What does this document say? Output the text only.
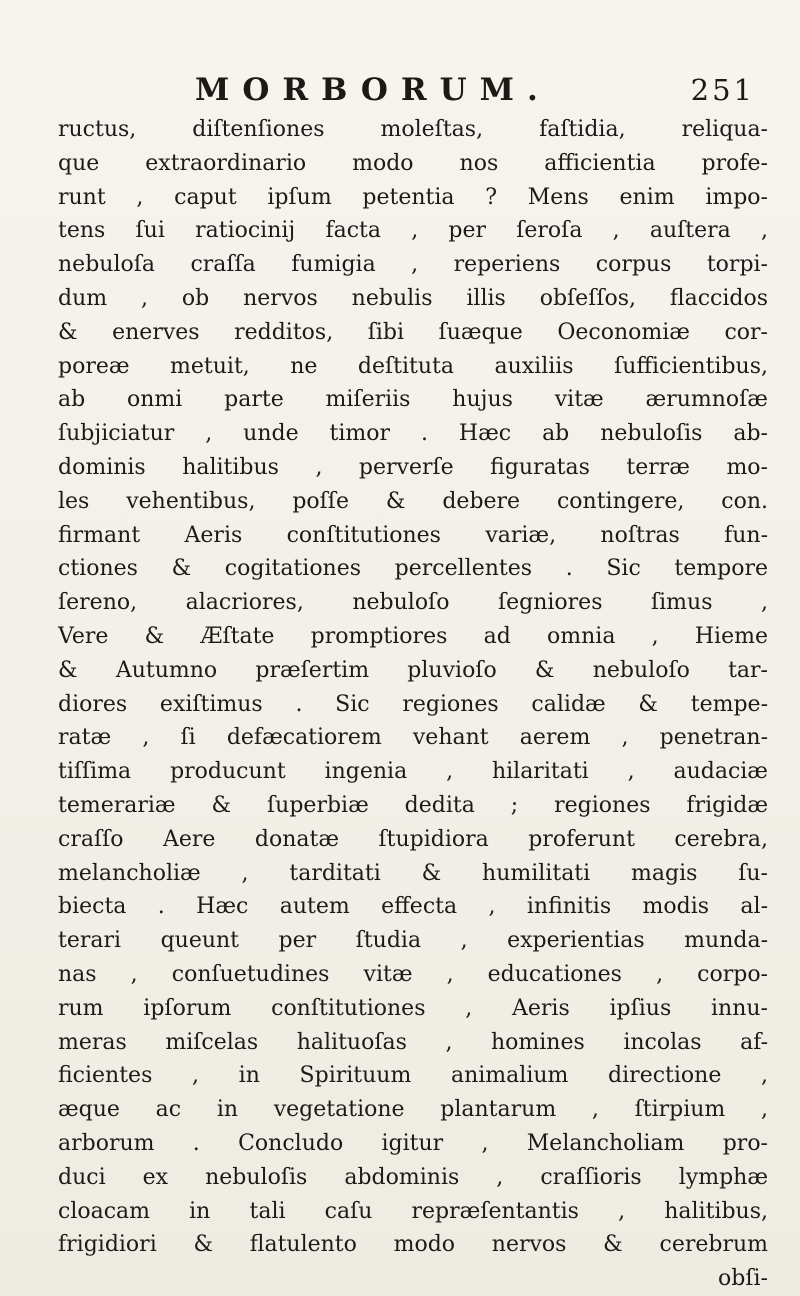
MORBORUM.	251
ructus, diſtenſiones moleſtas, faſtidia, reliqua-
que extraordinario modo nos afficientia profe-
runt , caput ipſum petentia ? Mens enim impo-
tens ſui ratiocinij facta , per ſeroſa , auſtera ,
nebuloſa craſſa fumigia , reperiens corpus torpi-
dum , ob nervos nebulis illis obſeſſos, flaccidos
& enerves redditos, ſibi ſuæque Oeconomiæ cor-
poreæ metuit, ne deſtituta auxiliis ſufficientibus,
ab onmi parte miſeriis hujus vitæ ærumnoſæ
ſubjiciatur , unde timor . Hæc ab nebuloſis ab-
dominis halitibus , perverſe figuratas terræ mo-
les vehentibus, poſſe & debere contingere, con.
firmant Aeris conſtitutiones variæ, noſtras fun-
ctiones & cogitationes percellentes . Sic tempore
ſereno, alacriores, nebuloſo ſegniores ſimus ,
Vere & Æſtate promptiores ad omnia , Hieme
& Autumno præſertim pluvioſo & nebuloſo tar-
diores exiſtimus . Sic regiones calidæ & tempe-
ratæ , ſi defæcatiorem vehant aerem , penetran-
tiſſima producunt ingenia , hilaritati , audaciæ
temerariæ & ſuperbiæ dedita ; regiones frigidæ
craſſo Aere donatæ ſtupidiora proferunt cerebra,
melancholiæ , tarditati & humilitati magis ſu-
biecta . Hæc autem effecta , infinitis modis al-
terari queunt per ſtudia , experientias munda-
nas , conſuetudines vitæ , educationes , corpo-
rum ipſorum conſtitutiones , Aeris ipſius innu-
meras miſcelas halituoſas , homines incolas af-
ficientes , in Spirituum animalium directione ,
æque ac in vegetatione plantarum , ſtirpium ,
arborum . Concludo igitur , Melancholiam pro-
duci ex nebuloſis abdominis , craſſioris lymphæ
cloacam in tali caſu repræſentantis , halitibus,
frigidiori & flatulento modo nervos & cerebrum
obſi-
